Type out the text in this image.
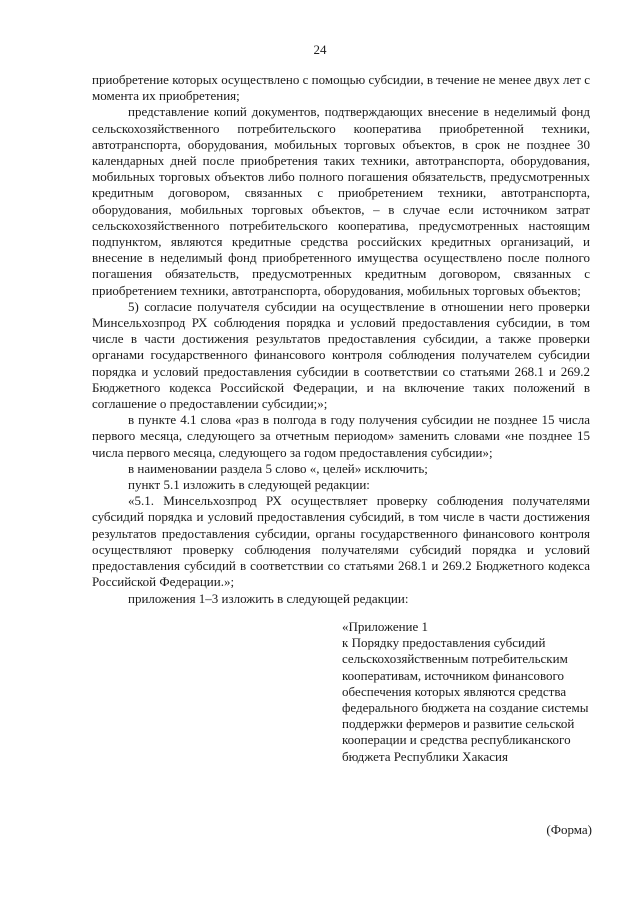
24

приобретение которых осуществлено с помощью субсидии, в течение не менее двух лет с момента их приобретения;

представление копий документов, подтверждающих внесение в неделимый фонд сельскохозяйственного потребительского кооператива приобретенной техники, автотранспорта, оборудования, мобильных торговых объектов, в срок не позднее 30 календарных дней после приобретения таких техники, автотранспорта, оборудования, мобильных торговых объектов либо полного погашения обязательств, предусмотренных кредитным договором, связанных с приобретением техники, автотранспорта, оборудования, мобильных торговых объектов, – в случае если источником затрат сельскохозяйственного потребительского кооператива, предусмотренных настоящим подпунктом, являются кредитные средства российских кредитных организаций, и внесение в неделимый фонд приобретенного имущества осуществлено после полного погашения обязательств, предусмотренных кредитным договором, связанных с приобретением техники, автотранспорта, оборудования, мобильных торговых объектов;

5) согласие получателя субсидии на осуществление в отношении него проверки Минсельхозпрод РХ соблюдения порядка и условий предоставления субсидии, в том числе в части достижения результатов предоставления субсидии, а также проверки органами государственного финансового контроля соблюдения получателем субсидии порядка и условий предоставления субсидии в соответствии со статьями 268.1 и 269.2 Бюджетного кодекса Российской Федерации, и на включение таких положений в соглашение о предоставлении субсидии;»;

в пункте 4.1 слова «раз в полгода в году получения субсидии не позднее 15 числа первого месяца, следующего за отчетным периодом» заменить словами «не позднее 15 числа первого месяца, следующего за годом предоставления субсидии»;

в наименовании раздела 5 слово «, целей» исключить;

пункт 5.1 изложить в следующей редакции:

«5.1. Минсельхозпрод РХ осуществляет проверку соблюдения получателями субсидий порядка и условий предоставления субсидий, в том числе в части достижения результатов предоставления субсидии, органы государственного финансового контроля осуществляют проверку соблюдения получателями субсидий порядка и условий предоставления субсидий в соответствии со статьями 268.1 и 269.2 Бюджетного кодекса Российской Федерации.»;

приложения 1–3 изложить в следующей редакции:

«Приложение 1

к Порядку предоставления субсидий сельскохозяйственным потребительским кооперативам, источником финансового обеспечения которых являются средства федерального бюджета на создание системы поддержки фермеров и развитие сельской кооперации и средства республиканского бюджета Республики Хакасия

(Форма)
